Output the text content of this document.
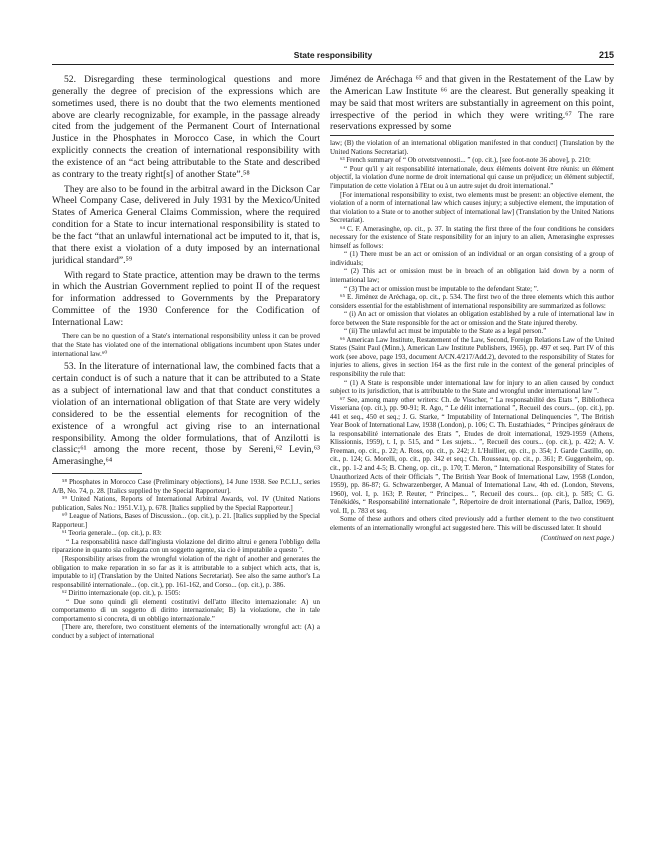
State responsibility	215

52. Disregarding these terminological questions and more generally the degree of precision of the expressions which are sometimes used, there is no doubt that the two elements mentioned above are clearly recognizable, for example, in the passage already cited from the judgement of the Permanent Court of International Justice in the Phosphates in Morocco Case, in which the Court explicitly connects the creation of international responsibility with the existence of an “act being attributable to the State and described as contrary to the treaty right[s] of another State”.⁵⁸

They are also to be found in the arbitral award in the Dickson Car Wheel Company Case, delivered in July 1931 by the Mexico/United States of America General Claims Commission, where the required condition for a State to incur international responsibility is stated to be the fact “that an unlawful international act be imputed to it, that is, that there exist a violation of a duty imposed by an international juridical standard”.⁵⁹

With regard to State practice, attention may be drawn to the terms in which the Austrian Government replied to point II of the request for information addressed to Governments by the Preparatory Committee of the 1930 Conference for the Codification of International Law:

There can be no question of a State's international responsibility unless it can be proved that the State has violated one of the international obligations incumbent upon States under international law.⁶⁰

53. In the literature of international law, the combined facts that a certain conduct is of such a nature that it can be attributed to a State as a subject of international law and that that conduct constitutes a violation of an international obligation of that State are very widely considered to be the essential elements for recognition of the existence of a wrongful act giving rise to an international responsibility. Among the older formulations, that of Anzilotti is classic;⁶¹ among the more recent, those by Sereni,⁶² Levin,⁶³ Amerasinghe,⁶⁴

⁵⁸ Phosphates in Morocco Case (Preliminary objections), 14 June 1938. See P.C.I.J., series A/B, No. 74, p. 28. [Italics supplied by the Special Rapporteur].

⁵⁹ United Nations, Reports of International Arbitral Awards, vol. IV (United Nations publication, Sales No.: 1951.V.1), p. 678. [Italics supplied by the Special Rapporteur.]

⁶⁰ League of Nations, Bases of Discussion... (op. cit.), p. 21. [Italics supplied by the Special Rapporteur.]

⁶¹ Teoria generale... (op. cit.), p. 83:

“ La responsabilità nasce dall'ingiusta violazione del diritto altrui e genera l'obbligo della riparazione in quanto sia collegata con un soggetto agente, sia cio è imputabile a questo ”.

[Responsibility arises from the wrongful violation of the right of another and generates the obligation to make reparation in so far as it is attributable to a subject which acts, that is, imputable to it] (Translation by the United Nations Secretariat). See also the same author's La responsabilité internationale... (op. cit.), pp. 161-162, and Corso... (op. cit.), p. 386.

⁶² Diritto internazionale (op. cit.), p. 1505:

“ Due sono quindi gli elementi costitutivi dell'atto illecito internazionale: A) un comportamento di un soggetto di diritto internazionale; B) la violazione, che in tale comportamento si concreta, di un obbligo internazionale.”

[There are, therefore, two constituent elements of the internationally wrongful act: (A) a conduct by a subject of international

Jiménez de Aréchaga ⁶⁵ and that given in the Restatement of the Law by the American Law Institute ⁶⁶ are the clearest. But generally speaking it may be said that most writers are substantially in agreement on this point, irrespective of the period in which they were writing.⁶⁷ The rare reservations expressed by some

law; (B) the violation of an international obligation manifested in that conduct] (Translation by the United Nations Secretariat).

⁶³ French summary of “ Ob otvetstvennosti... ” (op. cit.), [see foot-note 36 above], p. 210:

“ Pour qu'il y ait responsabilité internationale, deux éléments doivent être réunis: un élément objectif, la violation d'une norme de droit international qui cause un préjudice; un élément subjectif, l'imputation de cette violation à l'Etat ou à un autre sujet du droit international.”

[For international responsibility to exist, two elements must be present: an objective element, the violation of a norm of international law which causes injury; a subjective element, the imputation of that violation to a State or to another subject of international law] (Translation by the United Nations Secretariat).

⁶⁴ C. F. Amerasinghe, op. cit., p. 37. In stating the first three of the four conditions he considers necessary for the existence of State responsibility for an injury to an alien, Amerasinghe expresses himself as follows:

“ (1) There must be an act or omission of an individual or an organ consisting of a group of individuals;

“ (2) This act or omission must be in breach of an obligation laid down by a norm of international law;

“ (3) The act or omission must be imputable to the defendant State; ”.

⁶⁵ E. Jiménez de Aréchaga, op. cit., p. 534. The first two of the three elements which this author considers essential for the establishment of international responsibility are summarized as follows:

“ (i) An act or omission that violates an obligation established by a rule of international law in force between the State responsible for the act or omission and the State injured thereby.

“ (ii) The unlawful act must be imputable to the State as a legal person.”

⁶⁶ American Law Institute, Restatement of the Law, Second, Foreign Relations Law of the United States (Saint Paul (Minn.), American Law Institute Publishers, 1965), pp. 497 et seq. Part IV of this work (see above, page 193, document A/CN.4/217/Add.2), devoted to the responsibility of States for injuries to aliens, gives in section 164 as the first rule in the context of the general principles of responsibility the rule that:

“ (1) A State is responsible under international law for injury to an alien caused by conduct subject to its jurisdiction, that is attributable to the State and wrongful under international law ”.

⁶⁷ See, among many other writers: Ch. de Visscher, “ La responsabilité des Etats ”, Bibliotheca Visseriana (op. cit.), pp. 90-91; R. Ago, “ Le délit international ”, Recueil des cours... (op. cit.), pp. 441 et seq., 450 et seq.; J. G. Starke, “ Imputability of International Delinquencies ”, The British Year Book of International Law, 1938 (London), p. 106; C. Th. Eustathiades, “ Principes généraux de la responsabilité internationale des Etats ”, Etudes de droit international, 1929-1959 (Athens, Klissionnis, 1959), t. I, p. 515, and “ Les sujets... ”, Recueil des cours... (op. cit.), p. 422; A. V. Freeman, op. cit., p. 22; A. Ross, op. cit., p. 242; J. L'Huillier, op. cit., p. 354; J. Garde Castillo, op. cit., p. 124; G. Morelli, op. cit., pp. 342 et seq.; Ch. Rousseau, op. cit., p. 361; P. Guggenheim, op. cit., pp. 1-2 and 4-5; B. Cheng, op. cit., p. 170; T. Meron, “ International Responsibility of States for Unauthorized Acts of their Officials ”, The British Year Book of International Law, 1958 (London, 1959), pp. 86-87; G. Schwarzenberger, A Manual of International Law, 4th ed. (London, Stevens, 1960), vol. I, p. 163; P. Reuter, “ Principes... ”, Recueil des cours... (op. cit.), p. 585; C. G. Ténékidès, “ Responsabilité internationale ”, Répertoire de droit international (Paris, Dalloz, 1969), vol. II, p. 783 et seq.

Some of these authors and others cited previously add a further element to the two constituent elements of an internationally wrongful act suggested here. This will be discussed later. It should

(Continued on next page.)
